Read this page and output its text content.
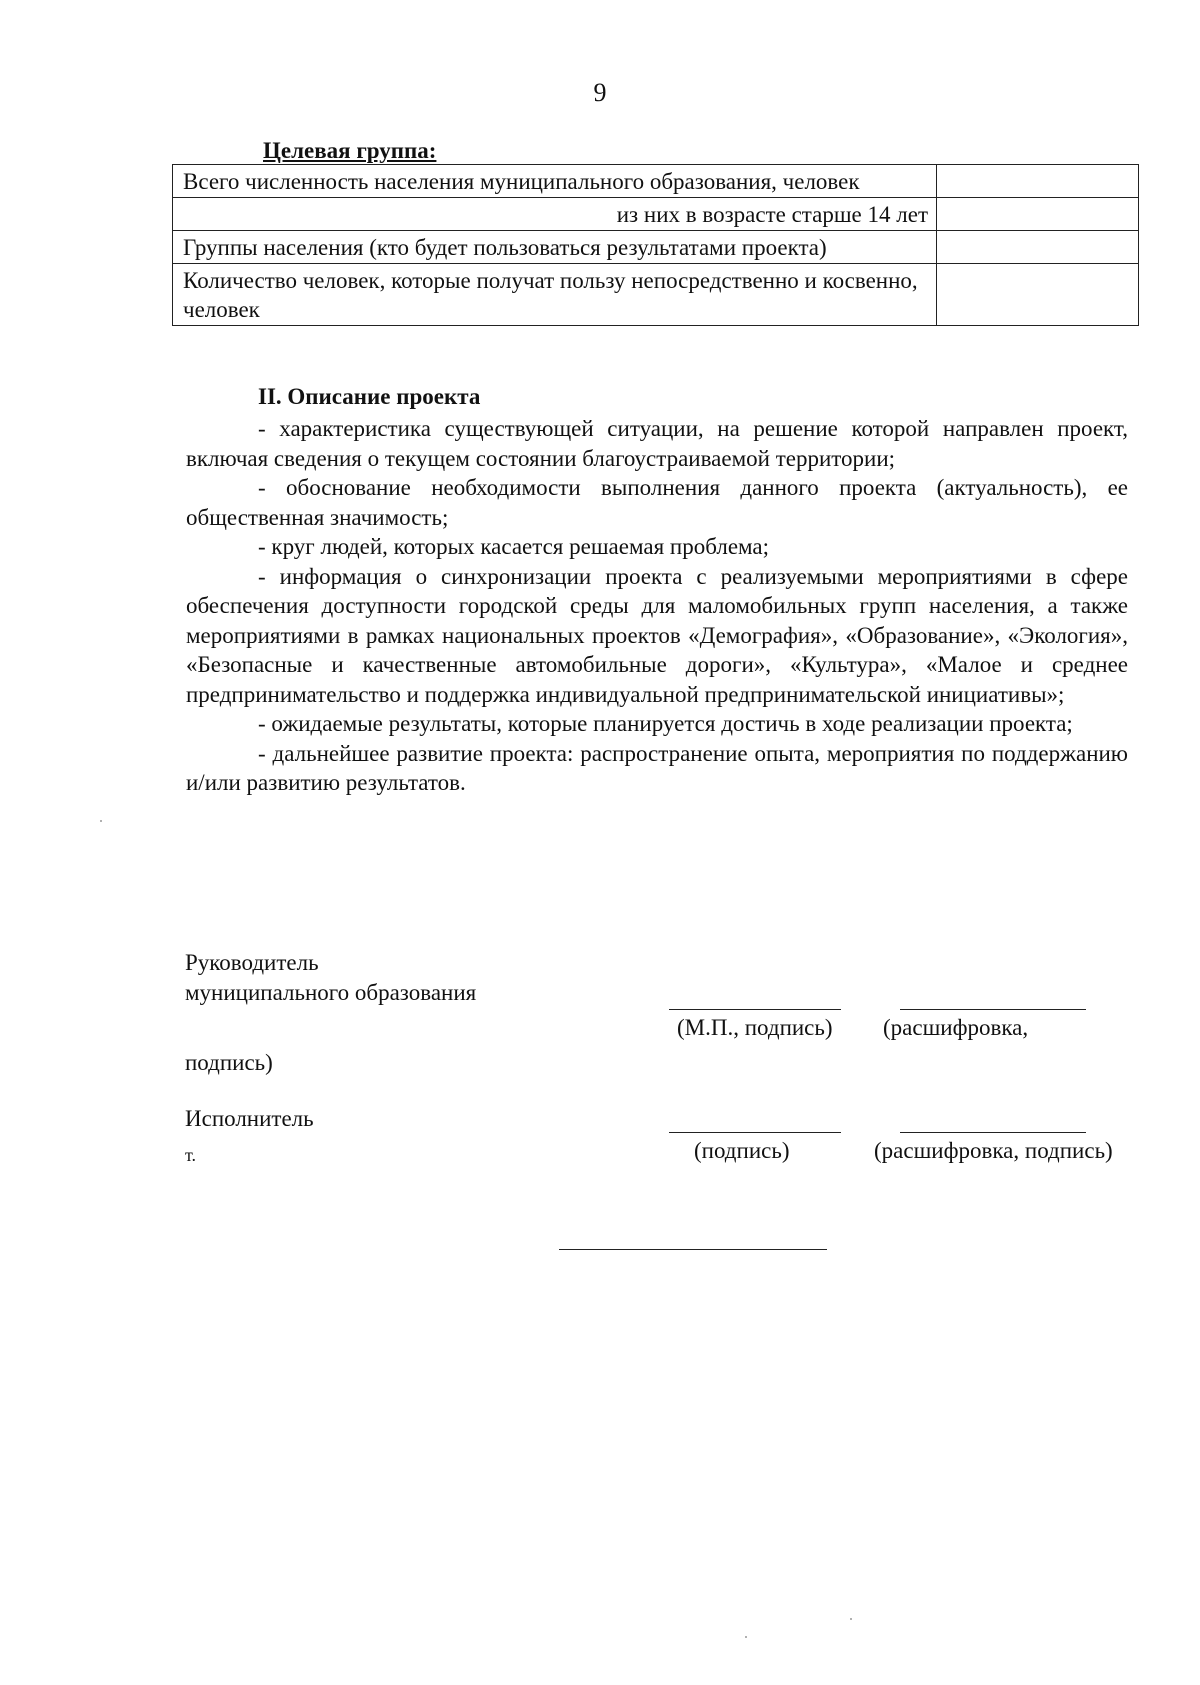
9
Целевая группа:
Всего численность населения муниципального образования, человек	
из них в возрасте старше 14 лет	
Группы населения (кто будет пользоваться результатами проекта)	
Количество человек, которые получат пользу непосредственно и косвенно, человек	
II. Описание проекта

- характеристика существующей ситуации, на решение которой направлен проект, включая сведения о текущем состоянии благоустраиваемой территории;

- обоснование необходимости выполнения данного проекта (актуальность), ее общественная значимость;

- круг людей, которых касается решаемая проблема;

- информация о синхронизации проекта с реализуемыми мероприятиями в сфере обеспечения доступности городской среды для маломобильных групп населения, а также мероприятиями в рамках национальных проектов «Демография», «Образование», «Экология», «Безопасные и качественные автомобильные дороги», «Культура», «Малое и среднее предпринимательство и поддержка индивидуальной предпринимательской инициативы»;

- ожидаемые результаты, которые планируется достичь в ходе реализации проекта;

- дальнейшее развитие проекта: распространение опыта, мероприятия по поддержанию и/или развитию результатов.

Руководитель
муниципального образования
(М.П., подпись) (расшифровка,
подпись)
Исполнитель
т.	(подпись)	(расшифровка, подпись)
